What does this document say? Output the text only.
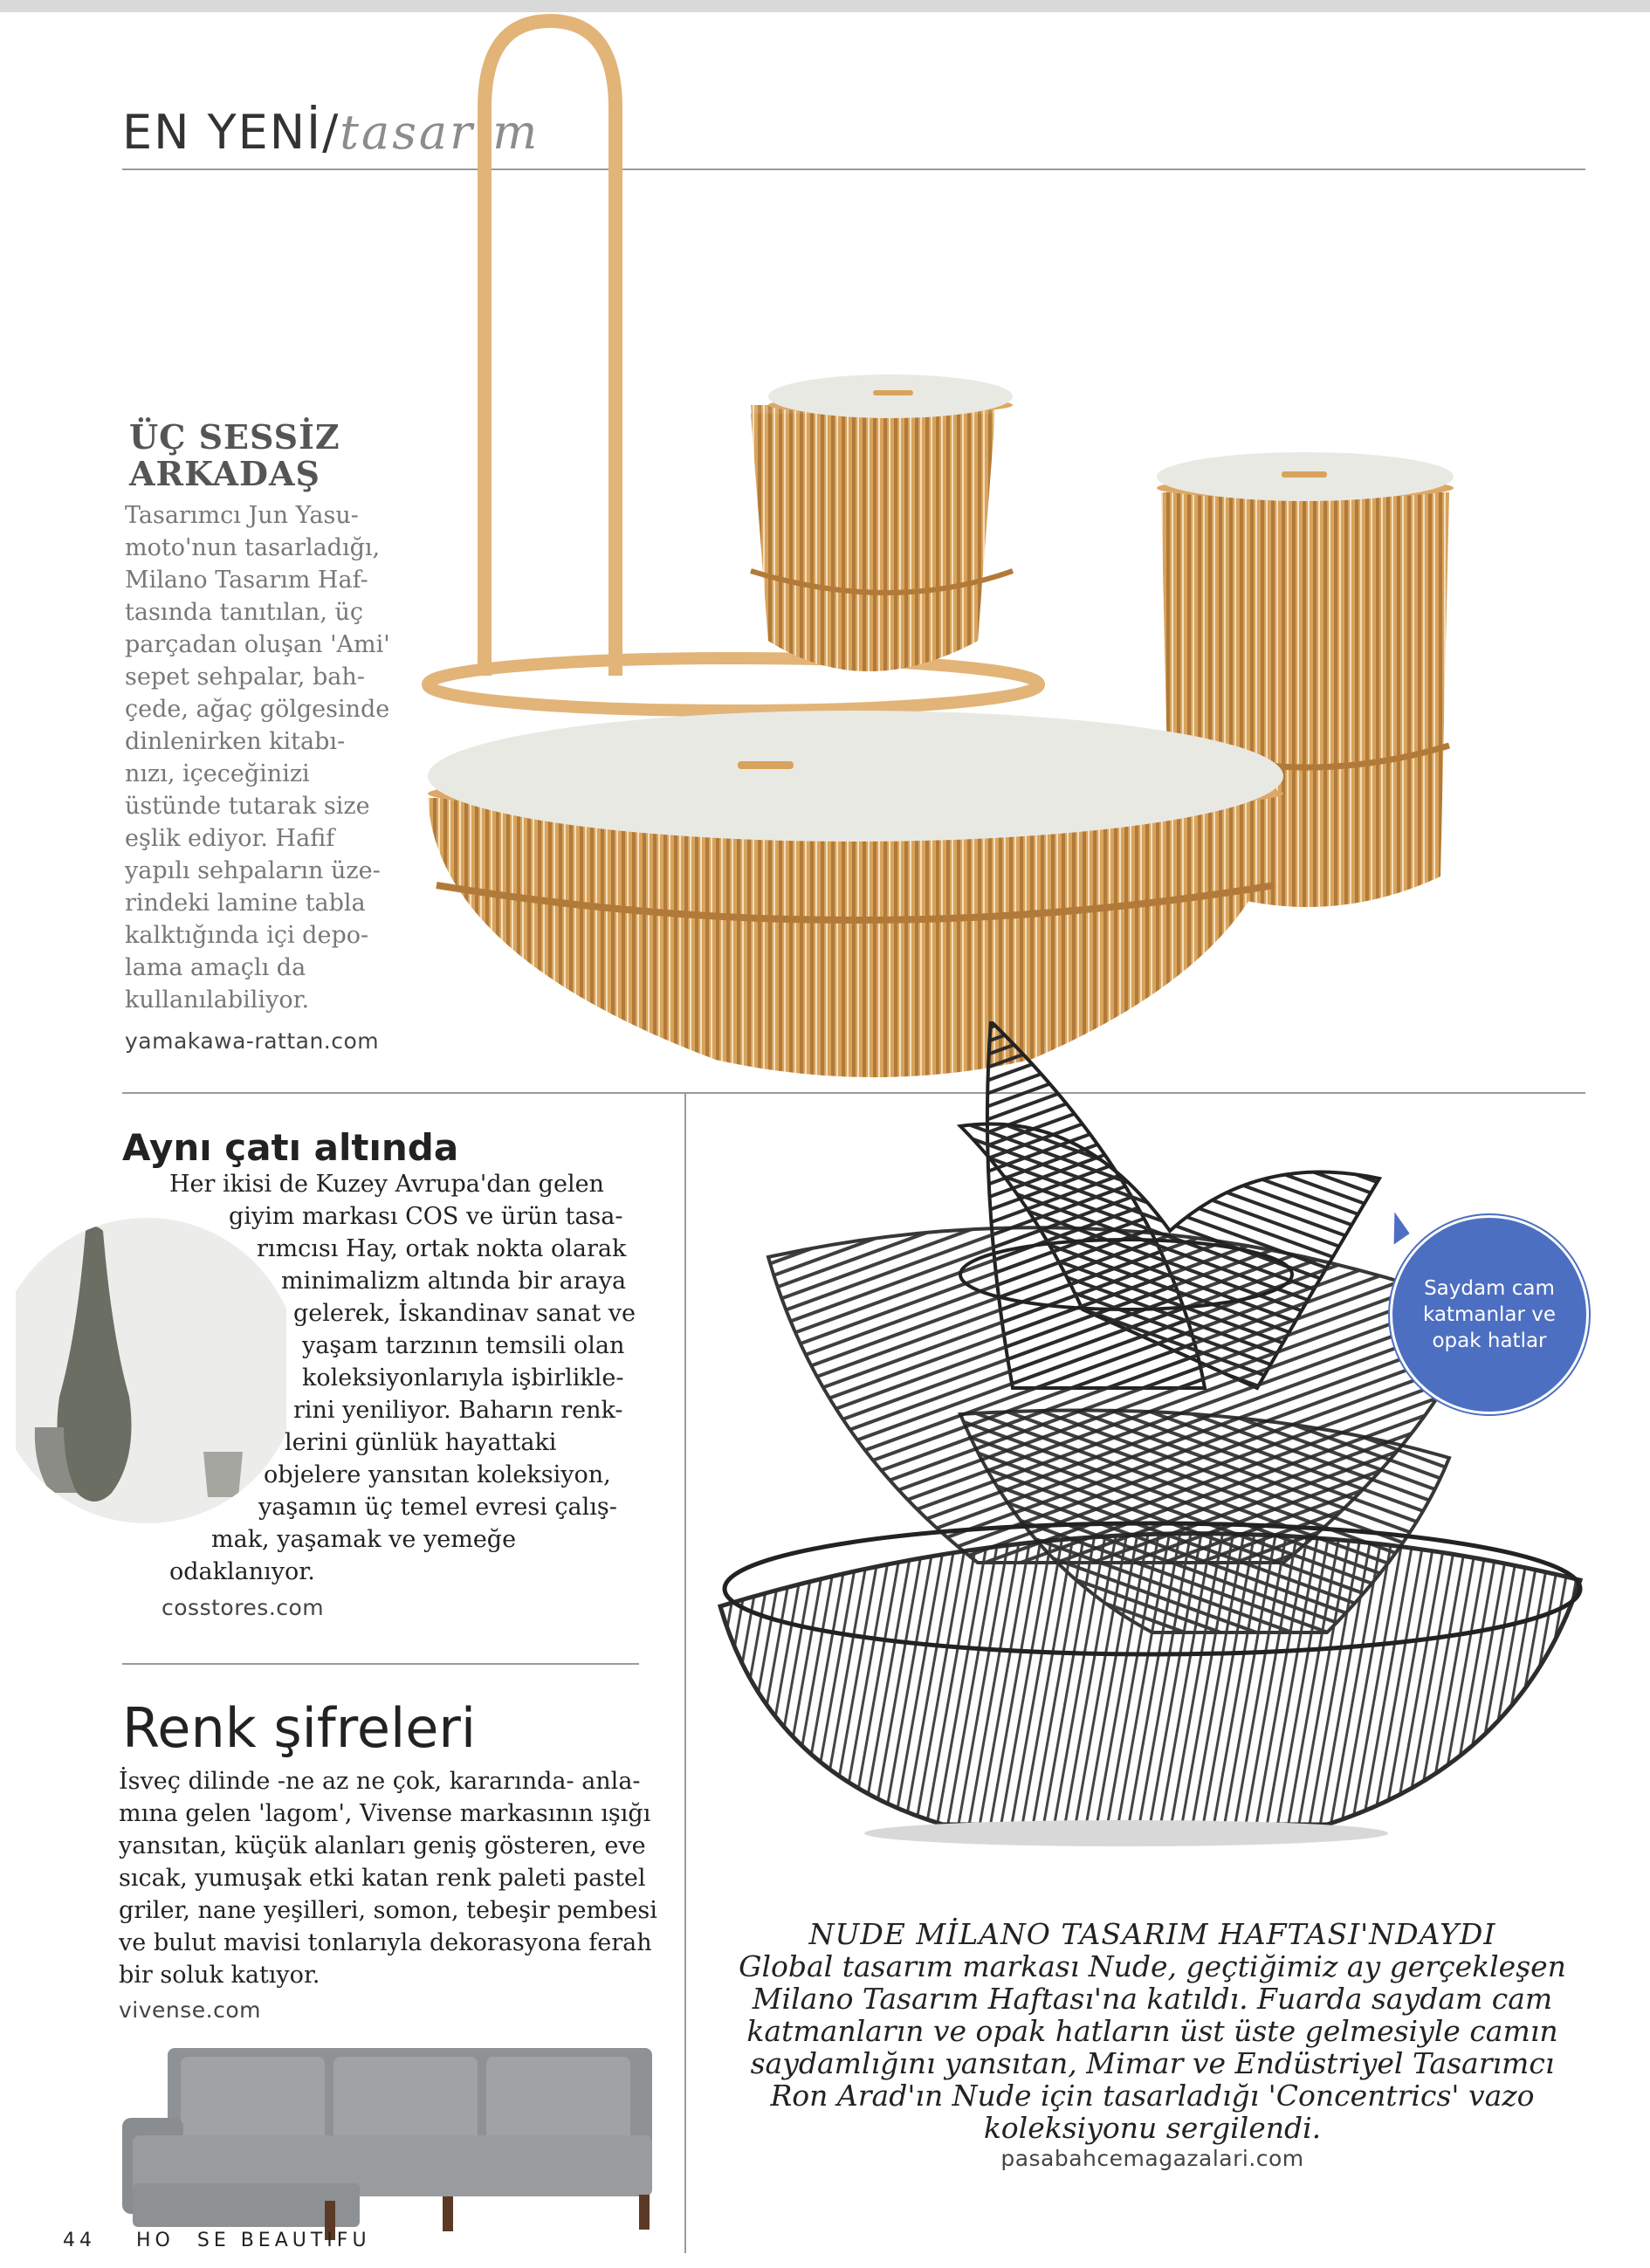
EN YENİ/tasarım
ÜÇ SESSİZ
ARKADAŞ
Tasarımcı Jun Yasu-
moto'nun tasarladığı,
Milano Tasarım Haf-
tasında tanıtılan, üç
parçadan oluşan 'Ami'
sepet sehpalar, bah-
çede, ağaç gölgesinde
dinlenirken kitabı-
nızı, içeceğinizi
üstünde tutarak size
eşlik ediyor. Hafif
yapılı sehpaların üze-
rindeki lamine tabla
kalktığında içi depo-
lama amaçlı da
kullanılabiliyor.
yamakawa-rattan.com
Aynı çatı altında
Her ikisi de Kuzey Avrupa'dan gelen
giyim markası COS ve ürün tasa-
rımcısı Hay, ortak nokta olarak
minimalizm altında bir araya
gelerek, İskandinav sanat ve
yaşam tarzının temsili olan
koleksiyonlarıyla işbirlikle-
rini yeniliyor. Baharın renk-
lerini günlük hayattaki
objelere yansıtan koleksiyon,
yaşamın üç temel evresi çalış-
mak, yaşamak ve yemeğe
odaklanıyor.
cosstores.com
Renk şifreleri
İsveç dilinde -ne az ne çok, kararında- anla-
mına gelen 'lagom', Vivense markasının ışığı
yansıtan, küçük alanları geniş gösteren, eve
sıcak, yumuşak etki katan renk paleti pastel
griler, nane yeşilleri, somon, tebeşir pembesi
ve bulut mavisi tonlarıyla dekorasyona ferah
bir soluk katıyor.
vivense.com
Saydam cam
katmanlar ve
opak hatlar
NUDE MİLANO TASARIM HAFTASI'NDAYDI
Global tasarım markası Nude, geçtiğimiz ay gerçekleşen
Milano Tasarım Haftası'na katıldı. Fuarda saydam cam
katmanların ve opak hatların üst üste gelmesiyle camın
saydamlığını yansıtan, Mimar ve Endüstriyel Tasarımcı
Ron Arad'ın Nude için tasarladığı 'Concentrics' vazo
koleksiyonu sergilendi.
pasabahcemagazalari.com
44 HO SE BEAUTIFU
